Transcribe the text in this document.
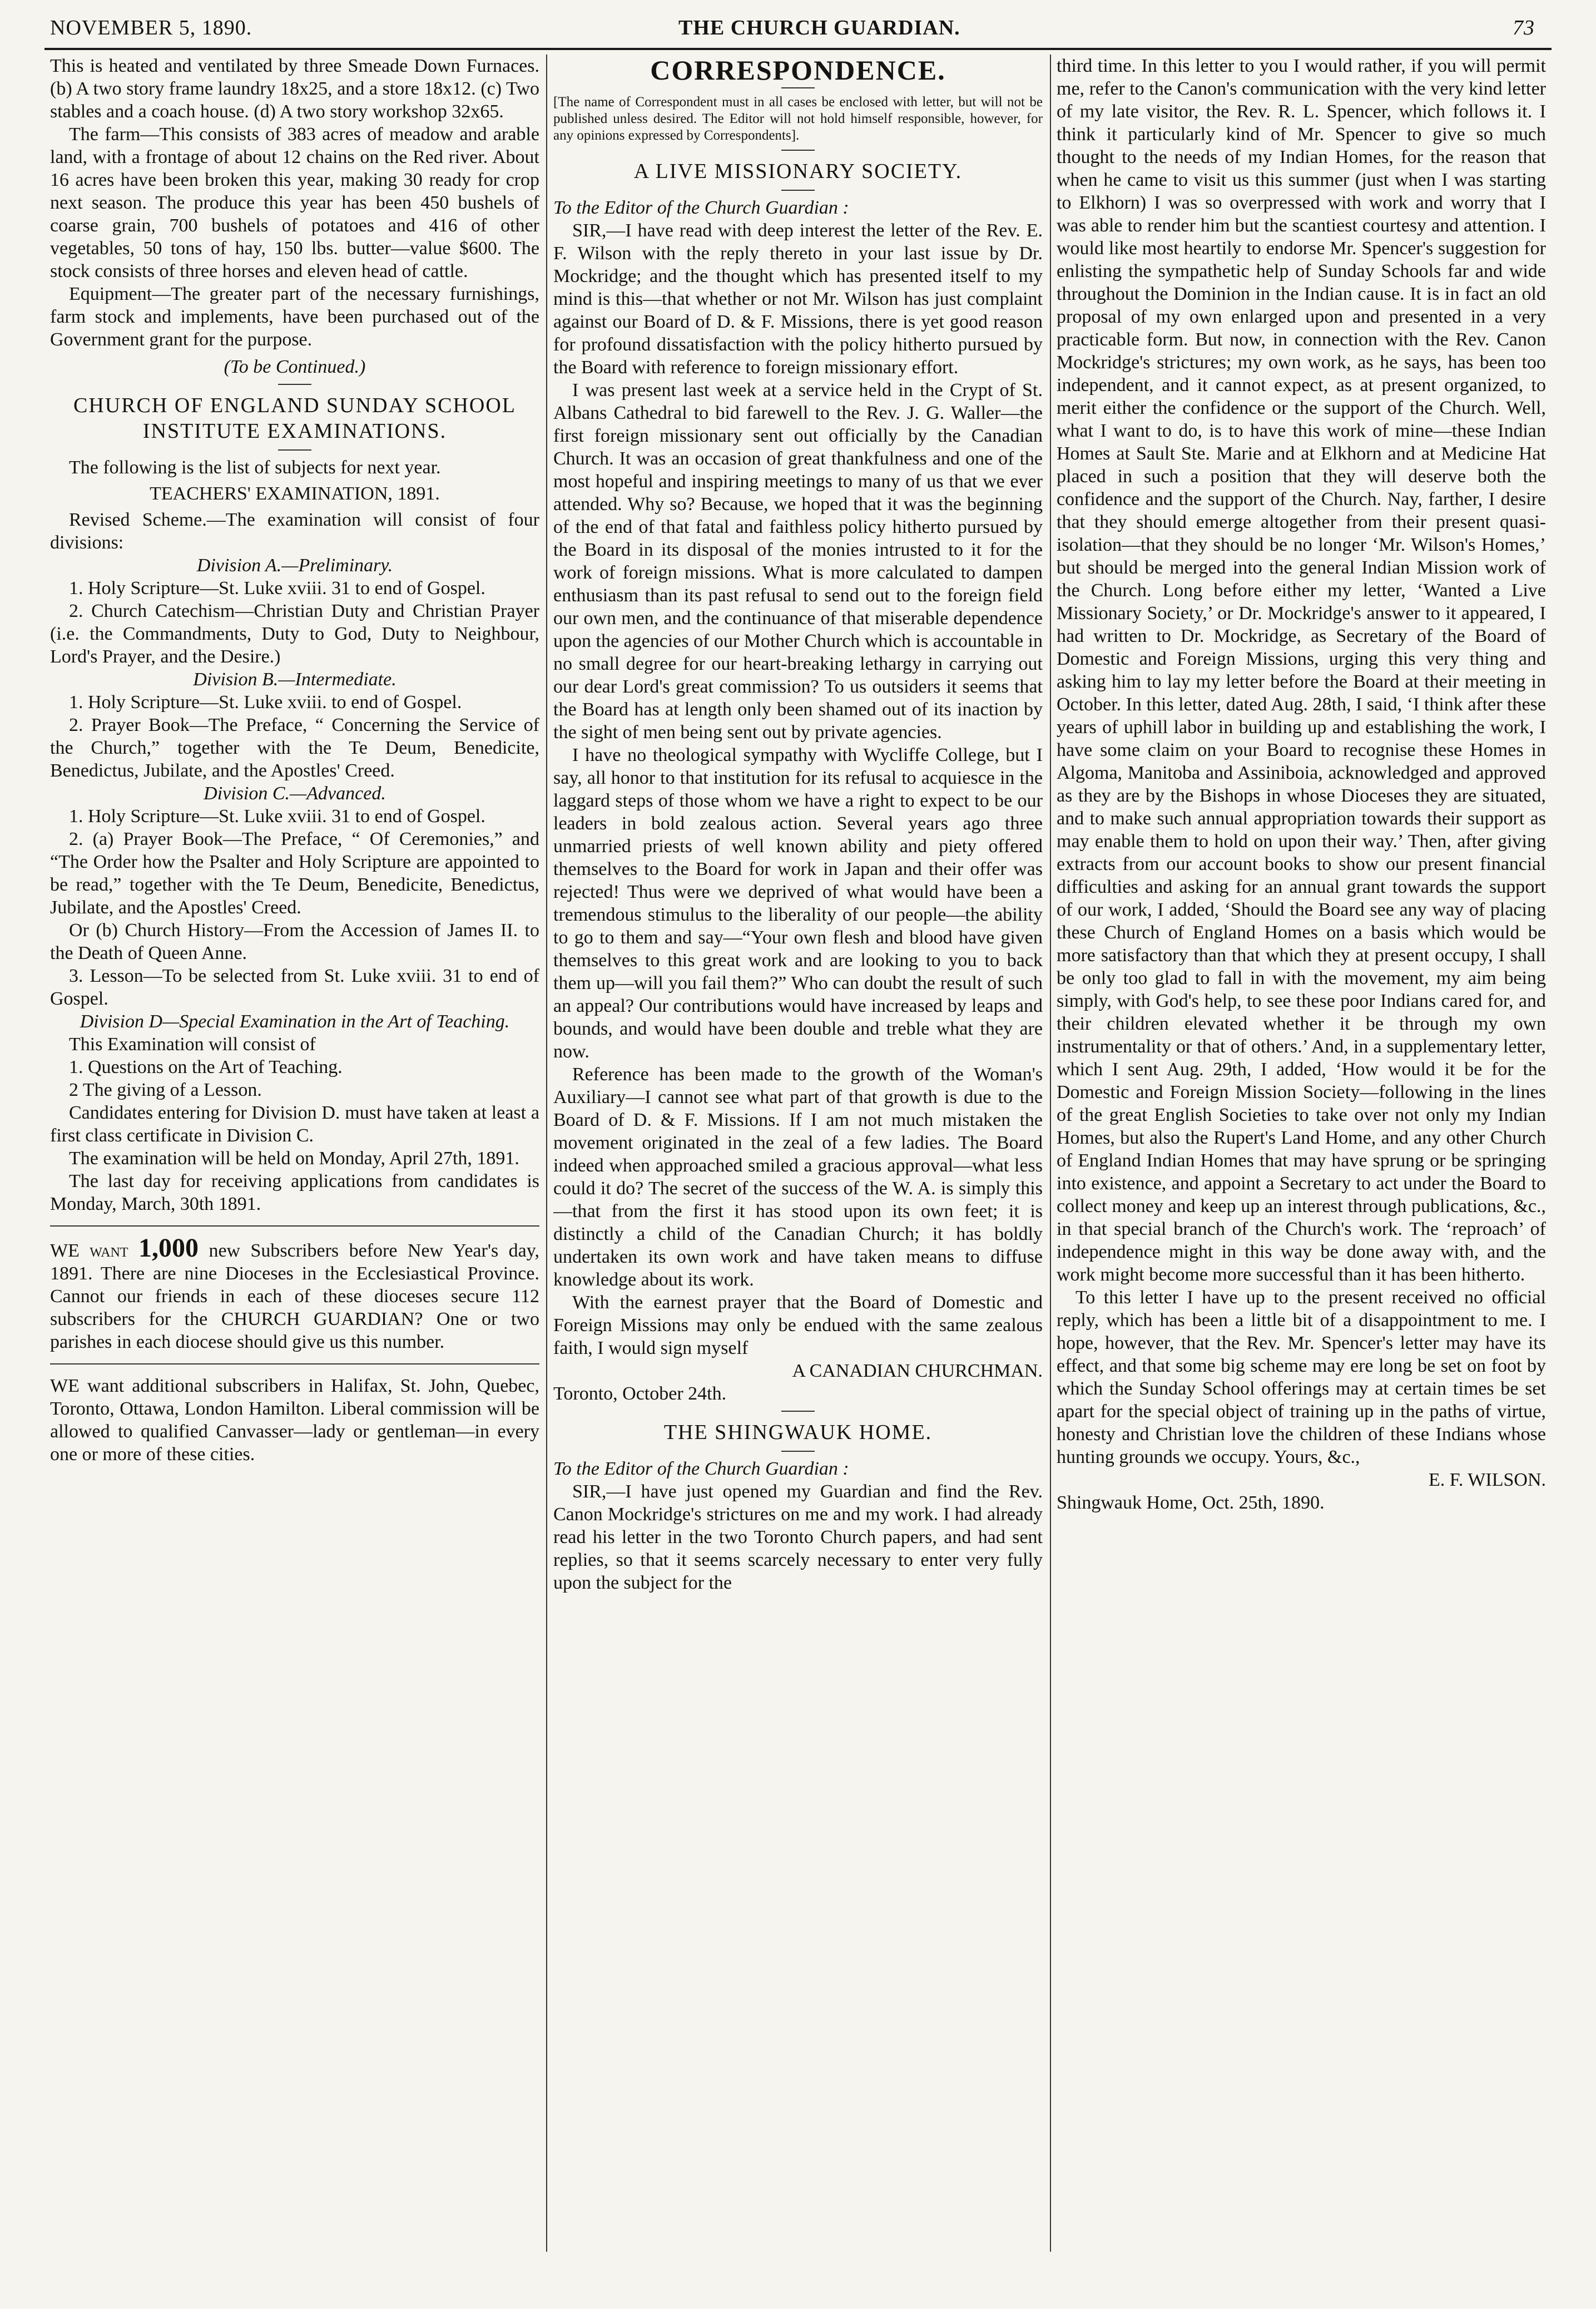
NOVEMBER 5, 1890.	THE CHURCH GUARDIAN.	73

This is heated and ventilated by three Smeade Down Furnaces. (b) A two story frame laundry 18x25, and a store 18x12. (c) Two stables and a coach house. (d) A two story workshop 32x65.

The farm—This consists of 383 acres of meadow and arable land, with a frontage of about 12 chains on the Red river. About 16 acres have been broken this year, making 30 ready for crop next season. The produce this year has been 450 bushels of coarse grain, 700 bushels of potatoes and 416 of other vegetables, 50 tons of hay, 150 lbs. butter—value $600. The stock consists of three horses and eleven head of cattle.

Equipment—The greater part of the necessary furnishings, farm stock and implements, have been purchased out of the Government grant for the purpose.

(To be Continued.)

CHURCH OF ENGLAND SUNDAY SCHOOL INSTITUTE EXAMINATIONS.

The following is the list of subjects for next year.

TEACHERS' EXAMINATION, 1891.

Revised Scheme.—The examination will consist of four divisions:

Division A.—Preliminary.

1. Holy Scripture—St. Luke xviii. 31 to end of Gospel.

2. Church Catechism—Christian Duty and Christian Prayer (i.e. the Commandments, Duty to God, Duty to Neighbour, Lord's Prayer, and the Desire.)

Division B.—Intermediate.

1. Holy Scripture—St. Luke xviii. to end of Gospel.

2. Prayer Book—The Preface, “ Concerning the Service of the Church,” together with the Te Deum, Benedicite, Benedictus, Jubilate, and the Apostles' Creed.

Division C.—Advanced.

1. Holy Scripture—St. Luke xviii. 31 to end of Gospel.

2. (a) Prayer Book—The Preface, “ Of Ceremonies,” and “The Order how the Psalter and Holy Scripture are appointed to be read,” together with the Te Deum, Benedicite, Benedictus, Jubilate, and the Apostles' Creed.

Or (b) Church History—From the Accession of James II. to the Death of Queen Anne.

3. Lesson—To be selected from St. Luke xviii. 31 to end of Gospel.

Division D—Special Examination in the Art of Teaching.

This Examination will consist of

1. Questions on the Art of Teaching.

2 The giving of a Lesson.

Candidates entering for Division D. must have taken at least a first class certificate in Division C.

The examination will be held on Monday, April 27th, 1891.

The last day for receiving applications from candidates is Monday, March, 30th 1891.

WE want 1,000 new Subscribers before New Year's day, 1891. There are nine Dioceses in the Ecclesiastical Province. Cannot our friends in each of these dioceses secure 112 subscribers for the CHURCH GUARDIAN? One or two parishes in each diocese should give us this number.

WE want additional subscribers in Halifax, St. John, Quebec, Toronto, Ottawa, London Hamilton. Liberal commission will be allowed to qualified Canvasser—lady or gentleman—in every one or more of these cities.

CORRESPONDENCE.

[The name of Correspondent must in all cases be enclosed with letter, but will not be published unless desired. The Editor will not hold himself responsible, however, for any opinions expressed by Correspondents].

A LIVE MISSIONARY SOCIETY.

To the Editor of the Church Guardian :

SIR,—I have read with deep interest the letter of the Rev. E. F. Wilson with the reply thereto in your last issue by Dr. Mockridge; and the thought which has presented itself to my mind is this—that whether or not Mr. Wilson has just complaint against our Board of D. & F. Missions, there is yet good reason for profound dissatisfaction with the policy hitherto pursued by the Board with reference to foreign missionary effort.

I was present last week at a service held in the Crypt of St. Albans Cathedral to bid farewell to the Rev. J. G. Waller—the first foreign missionary sent out officially by the Canadian Church. It was an occasion of great thankfulness and one of the most hopeful and inspiring meetings to many of us that we ever attended. Why so? Because, we hoped that it was the beginning of the end of that fatal and faithless policy hitherto pursued by the Board in its disposal of the monies intrusted to it for the work of foreign missions. What is more calculated to dampen enthusiasm than its past refusal to send out to the foreign field our own men, and the continuance of that miserable dependence upon the agencies of our Mother Church which is accountable in no small degree for our heart-breaking lethargy in carrying out our dear Lord's great commission? To us outsiders it seems that the Board has at length only been shamed out of its inaction by the sight of men being sent out by private agencies.

I have no theological sympathy with Wycliffe College, but I say, all honor to that institution for its refusal to acquiesce in the laggard steps of those whom we have a right to expect to be our leaders in bold zealous action. Several years ago three unmarried priests of well known ability and piety offered themselves to the Board for work in Japan and their offer was rejected! Thus were we deprived of what would have been a tremendous stimulus to the liberality of our people—the ability to go to them and say—“Your own flesh and blood have given themselves to this great work and are looking to you to back them up—will you fail them?” Who can doubt the result of such an appeal? Our contributions would have increased by leaps and bounds, and would have been double and treble what they are now.

Reference has been made to the growth of the Woman's Auxiliary—I cannot see what part of that growth is due to the Board of D. & F. Missions. If I am not much mistaken the movement originated in the zeal of a few ladies. The Board indeed when approached smiled a gracious approval—what less could it do? The secret of the success of the W. A. is simply this—that from the first it has stood upon its own feet; it is distinctly a child of the Canadian Church; it has boldly undertaken its own work and have taken means to diffuse knowledge about its work.

With the earnest prayer that the Board of Domestic and Foreign Missions may only be endued with the same zealous faith, I would sign myself

A CANADIAN CHURCHMAN.

Toronto, October 24th.

THE SHINGWAUK HOME.

To the Editor of the Church Guardian :

SIR,—I have just opened my Guardian and find the Rev. Canon Mockridge's strictures on me and my work. I had already read his letter in the two Toronto Church papers, and had sent replies, so that it seems scarcely necessary to enter very fully upon the subject for the

third time. In this letter to you I would rather, if you will permit me, refer to the Canon's communication with the very kind letter of my late visitor, the Rev. R. L. Spencer, which follows it. I think it particularly kind of Mr. Spencer to give so much thought to the needs of my Indian Homes, for the reason that when he came to visit us this summer (just when I was starting to Elkhorn) I was so overpressed with work and worry that I was able to render him but the scantiest courtesy and attention. I would like most heartily to endorse Mr. Spencer's suggestion for enlisting the sympathetic help of Sunday Schools far and wide throughout the Dominion in the Indian cause. It is in fact an old proposal of my own enlarged upon and presented in a very practicable form. But now, in connection with the Rev. Canon Mockridge's strictures; my own work, as he says, has been too independent, and it cannot expect, as at present organized, to merit either the confidence or the support of the Church. Well, what I want to do, is to have this work of mine—these Indian Homes at Sault Ste. Marie and at Elkhorn and at Medicine Hat placed in such a position that they will deserve both the confidence and the support of the Church. Nay, farther, I desire that they should emerge altogether from their present quasi-isolation—that they should be no longer ‘Mr. Wilson's Homes,’ but should be merged into the general Indian Mission work of the Church. Long before either my letter, ‘Wanted a Live Missionary Society,’ or Dr. Mockridge's answer to it appeared, I had written to Dr. Mockridge, as Secretary of the Board of Domestic and Foreign Missions, urging this very thing and asking him to lay my letter before the Board at their meeting in October. In this letter, dated Aug. 28th, I said, ‘I think after these years of uphill labor in building up and establishing the work, I have some claim on your Board to recognise these Homes in Algoma, Manitoba and Assiniboia, acknowledged and approved as they are by the Bishops in whose Dioceses they are situated, and to make such annual appropriation towards their support as may enable them to hold on upon their way.’ Then, after giving extracts from our account books to show our present financial difficulties and asking for an annual grant towards the support of our work, I added, ‘Should the Board see any way of placing these Church of England Homes on a basis which would be more satisfactory than that which they at present occupy, I shall be only too glad to fall in with the movement, my aim being simply, with God's help, to see these poor Indians cared for, and their children elevated whether it be through my own instrumentality or that of others.’ And, in a supplementary letter, which I sent Aug. 29th, I added, ‘How would it be for the Domestic and Foreign Mission Society—following in the lines of the great English Societies to take over not only my Indian Homes, but also the Rupert's Land Home, and any other Church of England Indian Homes that may have sprung or be springing into existence, and appoint a Secretary to act under the Board to collect money and keep up an interest through publications, &c., in that special branch of the Church's work. The ‘reproach’ of independence might in this way be done away with, and the work might become more successful than it has been hitherto.

To this letter I have up to the present received no official reply, which has been a little bit of a disappointment to me. I hope, however, that the Rev. Mr. Spencer's letter may have its effect, and that some big scheme may ere long be set on foot by which the Sunday School offerings may at certain times be set apart for the special object of training up in the paths of virtue, honesty and Christian love the children of these Indians whose hunting grounds we occupy. Yours, &c.,

E. F. WILSON.

Shingwauk Home, Oct. 25th, 1890.
